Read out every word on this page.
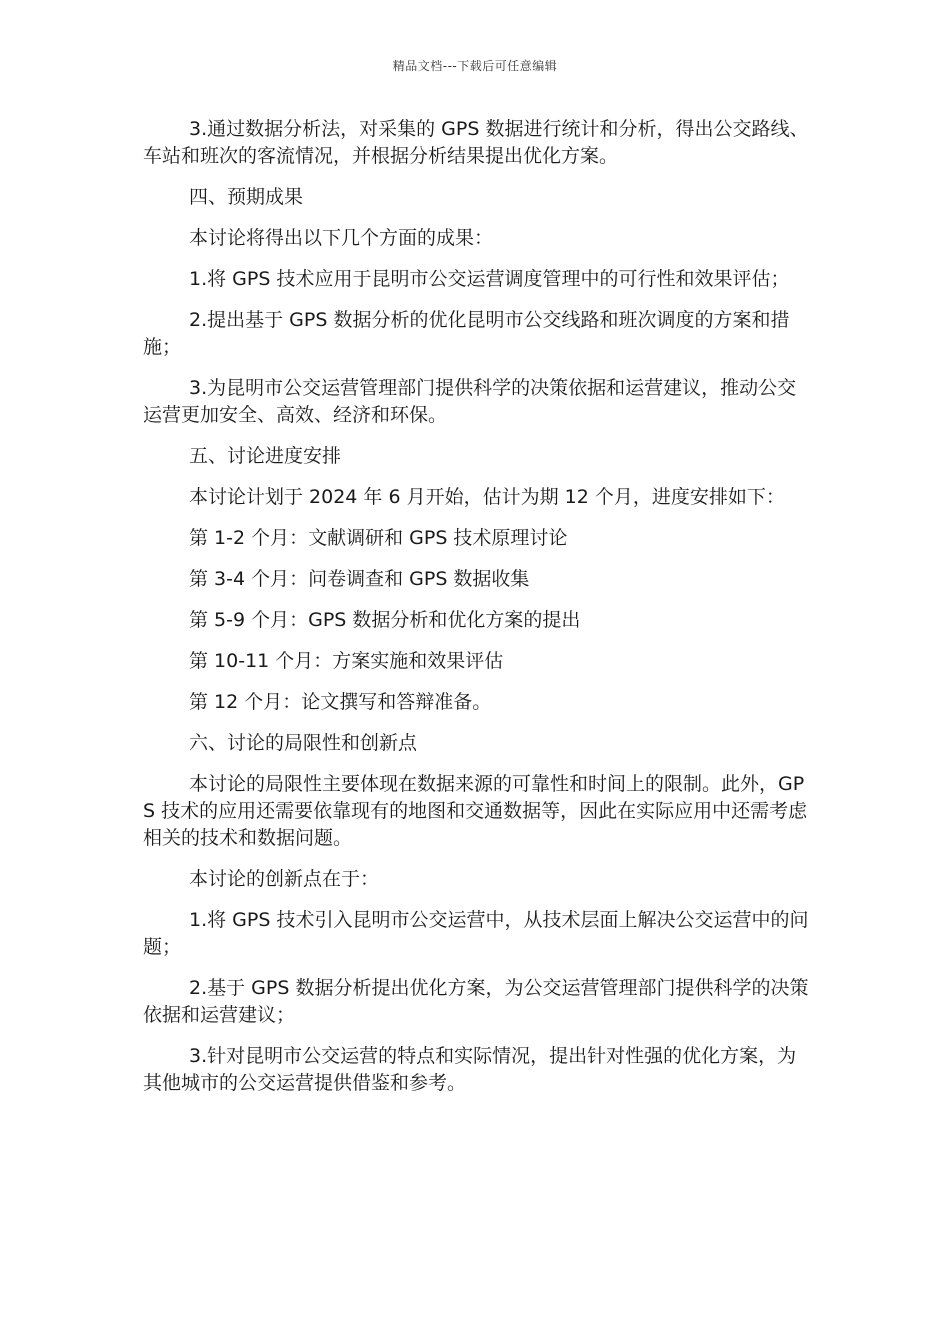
精品文档---下载后可任意编辑

3.通过数据分析法，对采集的 GPS 数据进行统计和分析，得出公交路线、车站和班次的客流情况，并根据分析结果提出优化方案。

四、预期成果

本讨论将得出以下几个方面的成果：

1.将 GPS 技术应用于昆明市公交运营调度管理中的可行性和效果评估；

2.提出基于 GPS 数据分析的优化昆明市公交线路和班次调度的方案和措施；

3.为昆明市公交运营管理部门提供科学的决策依据和运营建议，推动公交运营更加安全、高效、经济和环保。

五、讨论进度安排

本讨论计划于 2024 年 6 月开始，估计为期 12 个月，进度安排如下：

第 1-2 个月：文献调研和 GPS 技术原理讨论

第 3-4 个月：问卷调查和 GPS 数据收集

第 5-9 个月：GPS 数据分析和优化方案的提出

第 10-11 个月：方案实施和效果评估

第 12 个月：论文撰写和答辩准备。

六、讨论的局限性和创新点

本讨论的局限性主要体现在数据来源的可靠性和时间上的限制。此外，GPS 技术的应用还需要依靠现有的地图和交通数据等，因此在实际应用中还需考虑相关的技术和数据问题。

本讨论的创新点在于：

1.将 GPS 技术引入昆明市公交运营中，从技术层面上解决公交运营中的问题；

2.基于 GPS 数据分析提出优化方案，为公交运营管理部门提供科学的决策依据和运营建议；

3.针对昆明市公交运营的特点和实际情况，提出针对性强的优化方案，为其他城市的公交运营提供借鉴和参考。
